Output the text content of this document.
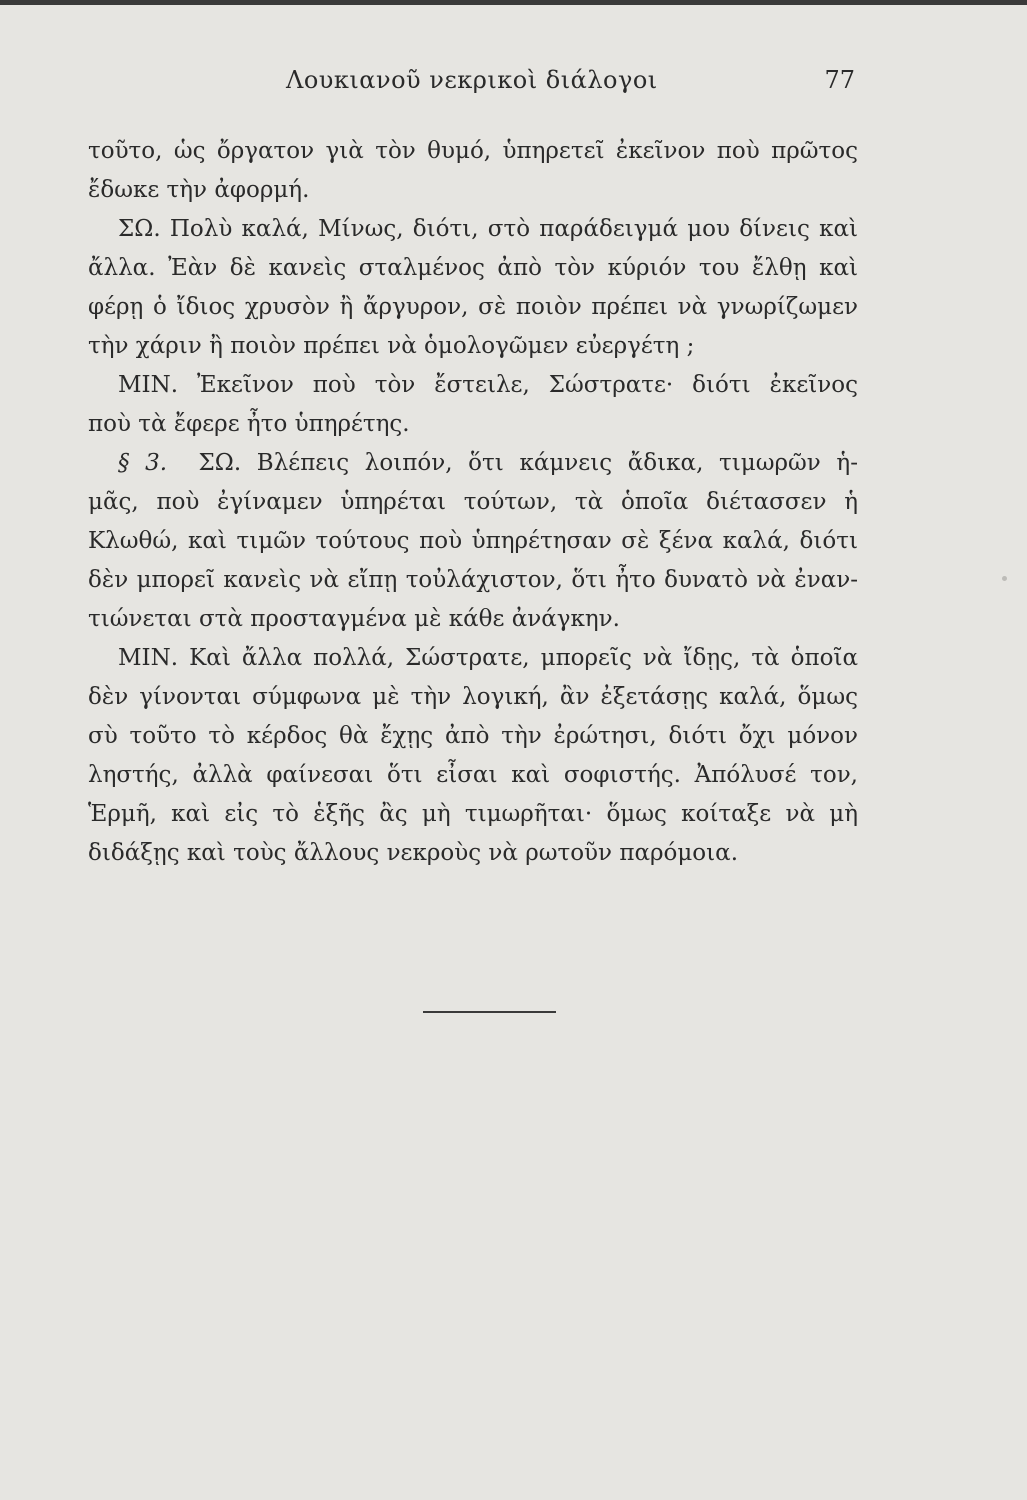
Λουκιανοῦ νεκρικοὶ διάλογοι	77
τοῦτο, ὡς ὄργατον γιὰ τὸν θυμό, ὑπηρετεῖ ἐκεῖνον ποὺ πρῶτος
ἔδωκε τὴν ἀφορμή.
ΣΩ. Πολὺ καλά, Μίνως, διότι, στὸ παράδειγμά μου δίνεις καὶ
ἄλλα. Ἐὰν δὲ κανεὶς σταλμένος ἀπὸ τὸν κύριόν του ἔλθῃ καὶ
φέρῃ ὁ ἴδιος χρυσὸν ἢ ἄργυρον, σὲ ποιὸν πρέπει νὰ γνωρίζωμεν
τὴν χάριν ἢ ποιὸν πρέπει νὰ ὁμολογῶμεν εὐεργέτη ;
ΜΙΝ. Ἐκεῖνον ποὺ τὸν ἔστειλε, Σώστρατε· διότι ἐκεῖνος
ποὺ τὰ ἔφερε ἦτο ὑπηρέτης.
§ 3. ΣΩ. Βλέπεις λοιπόν, ὅτι κάμνεις ἄδικα, τιμωρῶν ἡ-
μᾶς, ποὺ ἐγίναμεν ὑπηρέται τούτων, τὰ ὁποῖα διέτασσεν ἡ
Κλωθώ, καὶ τιμῶν τούτους ποὺ ὑπηρέτησαν σὲ ξένα καλά, διότι
δὲν μπορεῖ κανεὶς νὰ εἴπῃ τοὐλάχιστον, ὅτι ἦτο δυνατὸ νὰ ἐναν-
τιώνεται στὰ προσταγμένα μὲ κάθε ἀνάγκην.
ΜΙΝ. Καὶ ἄλλα πολλά, Σώστρατε, μπορεῖς νὰ ἴδῃς, τὰ ὁποῖα
δὲν γίνονται σύμφωνα μὲ τὴν λογική, ἂν ἐξετάσῃς καλά, ὅμως
σὺ τοῦτο τὸ κέρδος θὰ ἔχῃς ἀπὸ τὴν ἐρώτησι, διότι ὄχι μόνον
ληστής, ἀλλὰ φαίνεσαι ὅτι εἶσαι καὶ σοφιστής. Ἀπόλυσέ τον,
Ἑρμῆ, καὶ εἰς τὸ ἑξῆς ἂς μὴ τιμωρῆται· ὅμως κοίταξε νὰ μὴ
διδάξῃς καὶ τοὺς ἄλλους νεκροὺς νὰ ρωτοῦν παρόμοια.
